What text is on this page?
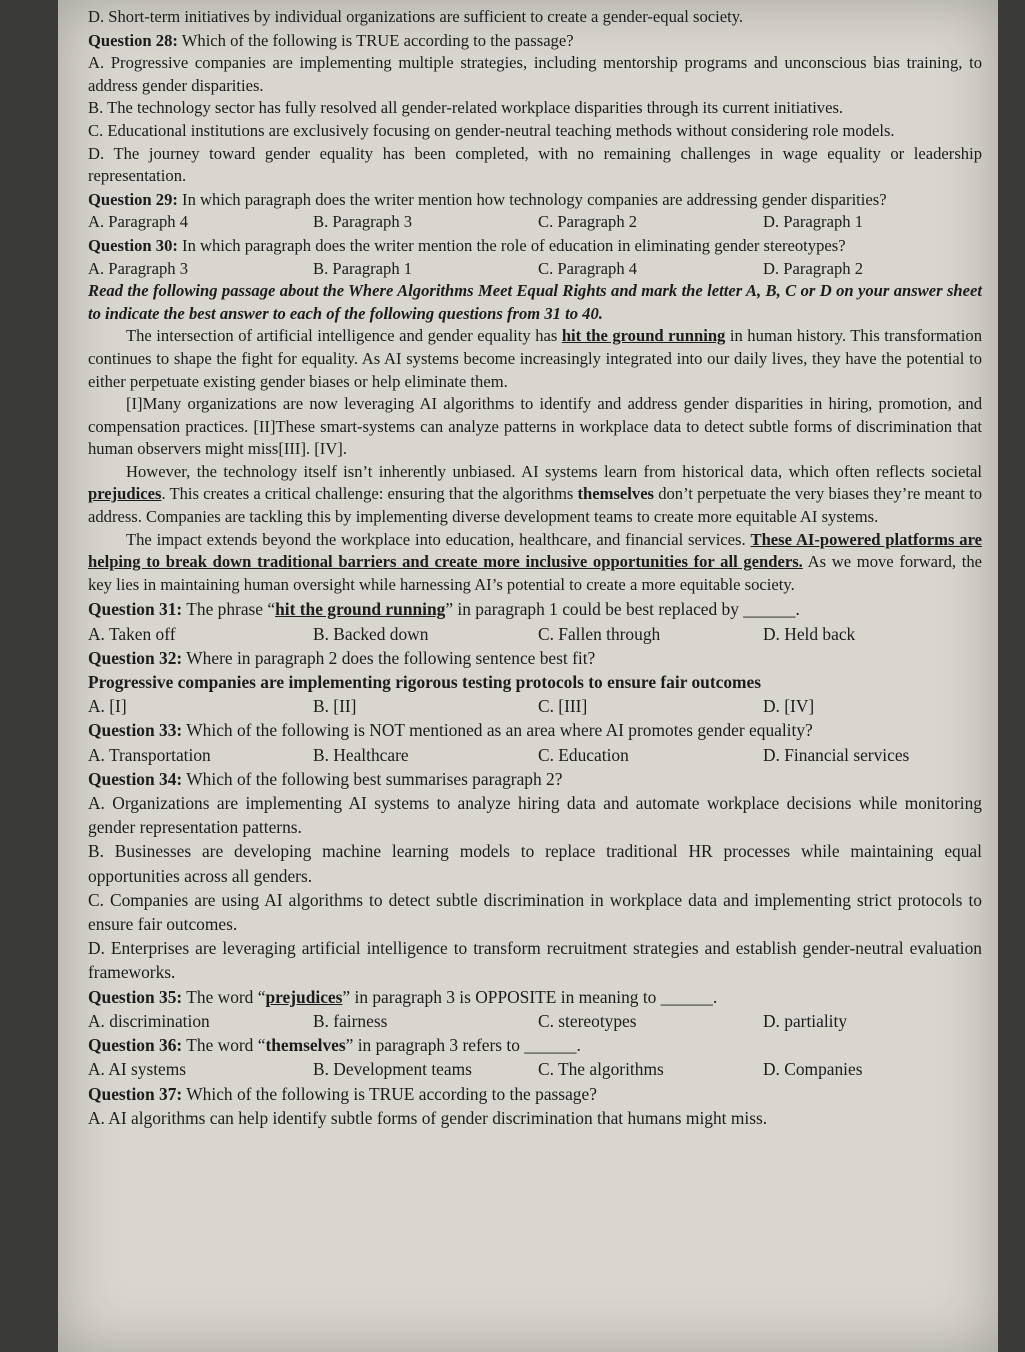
D. Short-term initiatives by individual organizations are sufficient to create a gender-equal society.
Question 28: Which of the following is TRUE according to the passage?
A. Progressive companies are implementing multiple strategies, including mentorship programs and unconscious bias training, to address gender disparities.
B. The technology sector has fully resolved all gender-related workplace disparities through its current initiatives.
C. Educational institutions are exclusively focusing on gender-neutral teaching methods without considering role models.
D. The journey toward gender equality has been completed, with no remaining challenges in wage equality or leadership representation.
Question 29: In which paragraph does the writer mention how technology companies are addressing gender disparities?
A. Paragraph 4	B. Paragraph 3	C. Paragraph 2	D. Paragraph 1
Question 30: In which paragraph does the writer mention the role of education in eliminating gender stereotypes?
A. Paragraph 3	B. Paragraph 1	C. Paragraph 4	D. Paragraph 2
Read the following passage about the Where Algorithms Meet Equal Rights and mark the letter A, B, C or D on your answer sheet to indicate the best answer to each of the following questions from 31 to 40.
The intersection of artificial intelligence and gender equality has hit the ground running in human history. This transformation continues to shape the fight for equality. As AI systems become increasingly integrated into our daily lives, they have the potential to either perpetuate existing gender biases or help eliminate them.
[I]Many organizations are now leveraging AI algorithms to identify and address gender disparities in hiring, promotion, and compensation practices. [II]These smart-systems can analyze patterns in workplace data to detect subtle forms of discrimination that human observers might miss[III]. [IV].
However, the technology itself isn’t inherently unbiased. AI systems learn from historical data, which often reflects societal prejudices. This creates a critical challenge: ensuring that the algorithms themselves don’t perpetuate the very biases they’re meant to address. Companies are tackling this by implementing diverse development teams to create more equitable AI systems.
The impact extends beyond the workplace into education, healthcare, and financial services. These AI-powered platforms are helping to break down traditional barriers and create more inclusive opportunities for all genders. As we move forward, the key lies in maintaining human oversight while harnessing AI’s potential to create a more equitable society.
Question 31: The phrase “hit the ground running” in paragraph 1 could be best replaced by ______.
A. Taken off	B. Backed down	C. Fallen through	D. Held back
Question 32: Where in paragraph 2 does the following sentence best fit?
Progressive companies are implementing rigorous testing protocols to ensure fair outcomes
A. [I]	B. [II]	C. [III]	D. [IV]
Question 33: Which of the following is NOT mentioned as an area where AI promotes gender equality?
A. Transportation	B. Healthcare	C. Education	D. Financial services
Question 34: Which of the following best summarises paragraph 2?
A. Organizations are implementing AI systems to analyze hiring data and automate workplace decisions while monitoring gender representation patterns.
B. Businesses are developing machine learning models to replace traditional HR processes while maintaining equal opportunities across all genders.
C. Companies are using AI algorithms to detect subtle discrimination in workplace data and implementing strict protocols to ensure fair outcomes.
D. Enterprises are leveraging artificial intelligence to transform recruitment strategies and establish gender-neutral evaluation frameworks.
Question 35: The word “prejudices” in paragraph 3 is OPPOSITE in meaning to ______.
A. discrimination	B. fairness	C. stereotypes	D. partiality
Question 36: The word “themselves” in paragraph 3 refers to ______.
A. AI systems	B. Development teams	C. The algorithms	D. Companies
Question 37: Which of the following is TRUE according to the passage?
A. AI algorithms can help identify subtle forms of gender discrimination that humans might miss.
